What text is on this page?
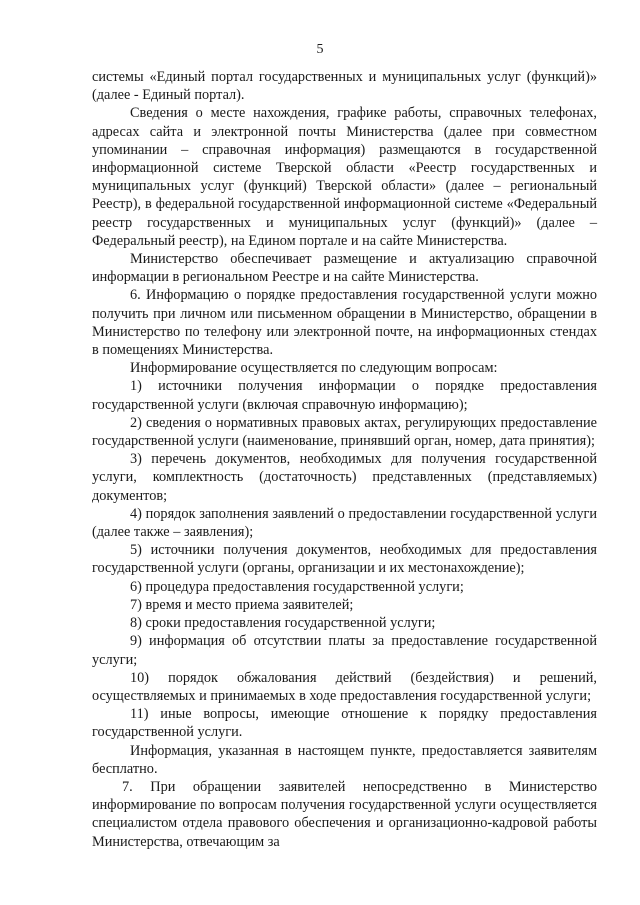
5

системы «Единый портал государственных и муниципальных услуг (функций)» (далее - Единый портал).

Сведения о месте нахождения, графике работы, справочных телефонах, адресах сайта и электронной почты Министерства (далее при совместном упоминании – справочная информация) размещаются в государственной информационной системе Тверской области «Реестр государственных и муниципальных услуг (функций) Тверской области» (далее – региональный Реестр), в федеральной государственной информационной системе «Федеральный реестр государственных и муниципальных услуг (функций)» (далее – Федеральный реестр), на Едином портале и на сайте Министерства.

Министерство обеспечивает размещение и актуализацию справочной информации в региональном Реестре и на сайте Министерства.

6. Информацию о порядке предоставления государственной услуги можно получить при личном или письменном обращении в Министерство, обращении в Министерство по телефону или электронной почте, на информационных стендах в помещениях Министерства.

Информирование осуществляется по следующим вопросам:

1) источники получения информации о порядке предоставления государственной услуги (включая справочную информацию);

2) сведения о нормативных правовых актах, регулирующих предоставление государственной услуги (наименование, принявший орган, номер, дата принятия);

3) перечень документов, необходимых для получения государственной услуги, комплектность (достаточность) представленных (представляемых) документов;

4) порядок заполнения заявлений о предоставлении государственной услуги (далее также – заявления);

5) источники получения документов, необходимых для предоставления государственной услуги (органы, организации и их местонахождение);

6) процедура предоставления государственной услуги;

7) время и место приема заявителей;

8) сроки предоставления государственной услуги;

9) информация об отсутствии платы за предоставление государственной услуги;

10) порядок обжалования действий (бездействия) и решений, осуществляемых и принимаемых в ходе предоставления государственной услуги;

11) иные вопросы, имеющие отношение к порядку предоставления государственной услуги.

Информация, указанная в настоящем пункте, предоставляется заявителям бесплатно.

7. При обращении заявителей непосредственно в Министерство информирование по вопросам получения государственной услуги осуществляется специалистом отдела правового обеспечения и организационно-кадровой работы Министерства, отвечающим за
